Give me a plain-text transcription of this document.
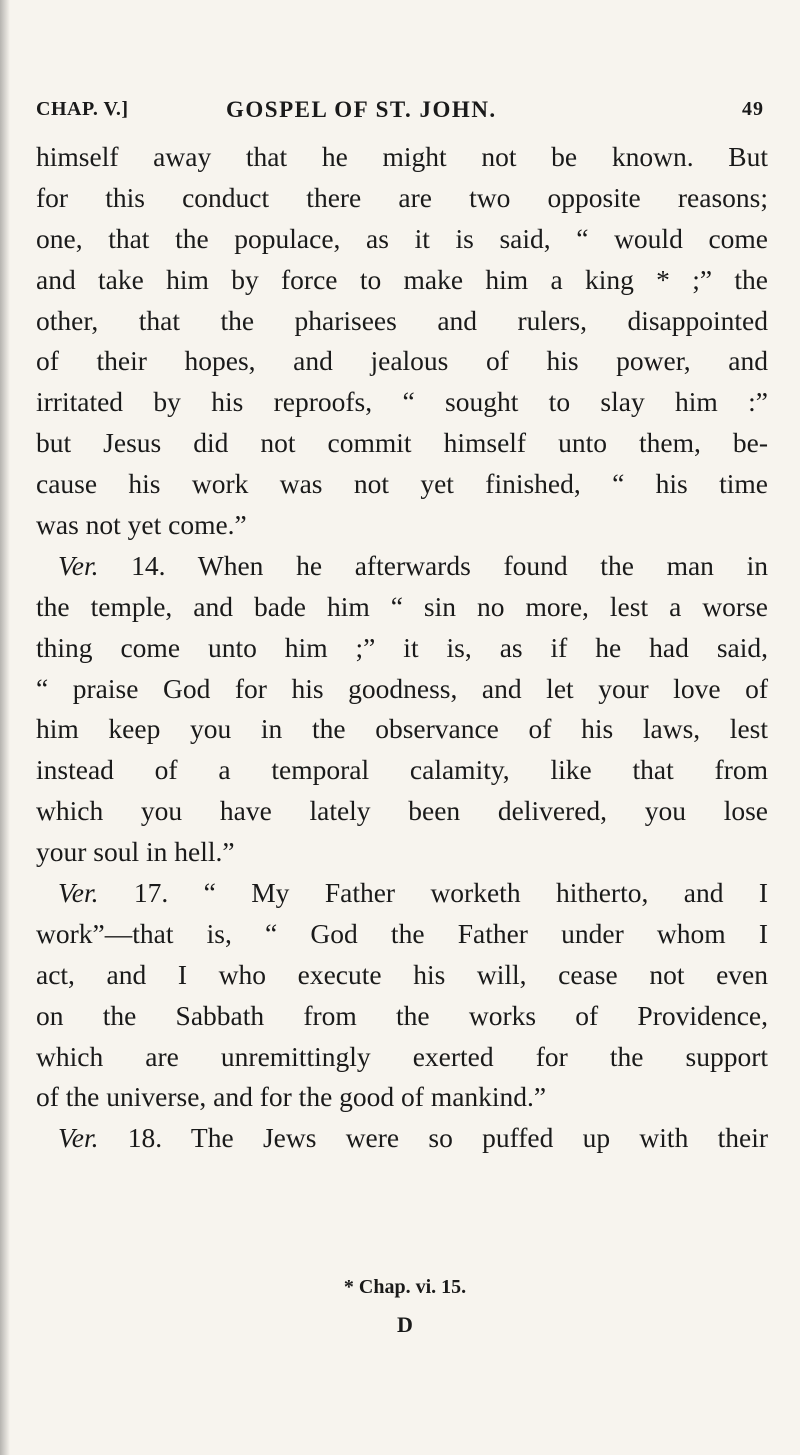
CHAP. V.]	GOSPEL OF ST. JOHN.	49
himself away that he might not be known. But
for this conduct there are two opposite reasons;
one, that the populace, as it is said, “ would come
and take him by force to make him a king * ;” the
other, that the pharisees and rulers, disappointed
of their hopes, and jealous of his power, and
irritated by his reproofs, “ sought to slay him :”
but Jesus did not commit himself unto them, be-
cause his work was not yet finished, “ his time
was not yet come.”
Ver. 14. When he afterwards found the man in
the temple, and bade him “ sin no more, lest a worse
thing come unto him ;” it is, as if he had said,
“ praise God for his goodness, and let your love of
him keep you in the observance of his laws, lest
instead of a temporal calamity, like that from
which you have lately been delivered, you lose
your soul in hell.”
Ver. 17. “ My Father worketh hitherto, and I
work”—that is, “ God the Father under whom I
act, and I who execute his will, cease not even
on the Sabbath from the works of Providence,
which are unremittingly exerted for the support
of the universe, and for the good of mankind.”
Ver. 18. The Jews were so puffed up with their
* Chap. vi. 15.
D
